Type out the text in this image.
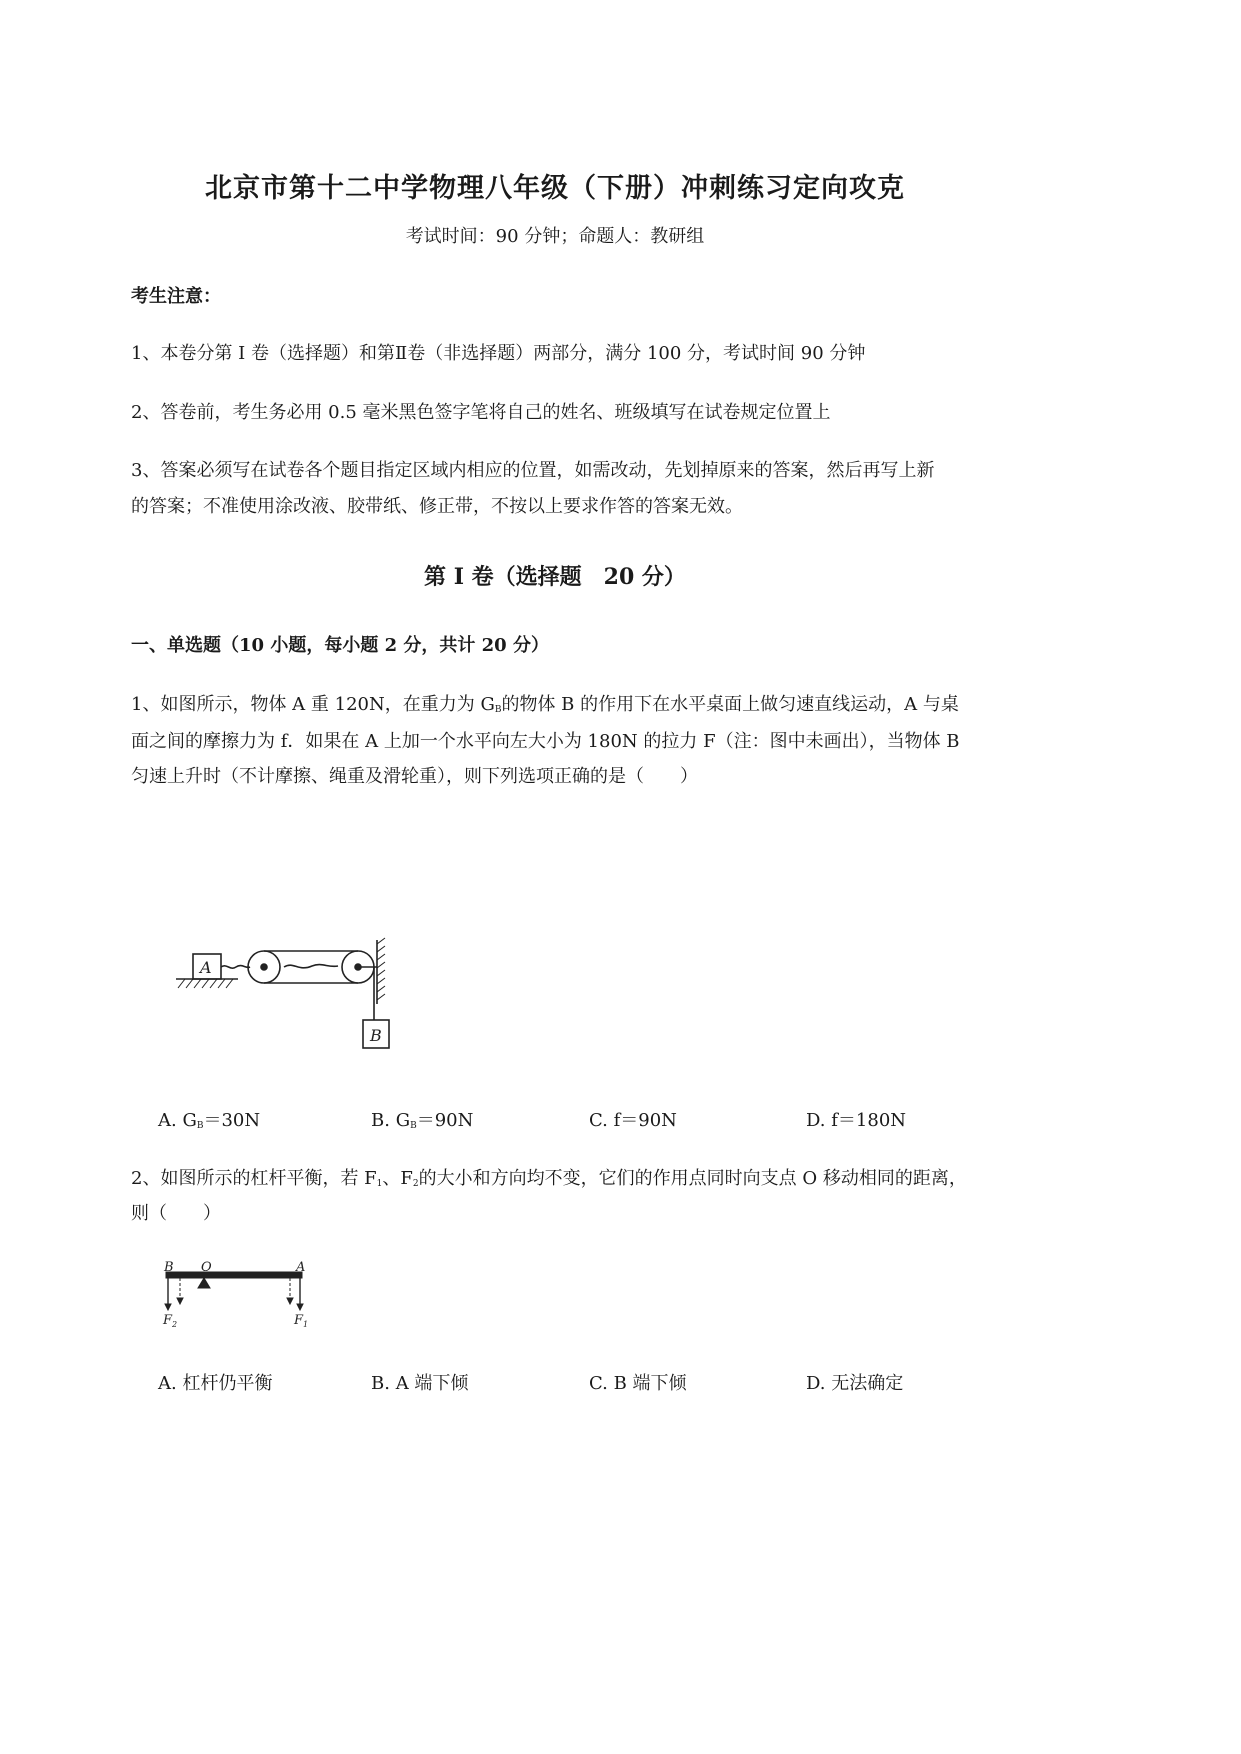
北京市第十二中学物理八年级（下册）冲刺练习定向攻克
考试时间：90 分钟；命题人：教研组
考生注意：
1、本卷分第 I 卷（选择题）和第Ⅱ卷（非选择题）两部分，满分 100 分，考试时间 90 分钟
2、答卷前，考生务必用 0.5 毫米黑色签字笔将自己的姓名、班级填写在试卷规定位置上
3、答案必须写在试卷各个题目指定区域内相应的位置，如需改动，先划掉原来的答案，然后再写上新
的答案；不准使用涂改液、胶带纸、修正带，不按以上要求作答的答案无效。
第 I 卷（选择题　20 分）
一、单选题（10 小题，每小题 2 分，共计 20 分）
1、如图所示，物体 A 重 120N，在重力为 $G_B$的物体 B 的作用下在水平桌面上做匀速直线运动，A 与桌
面之间的摩擦力为 f．如果在 A 上加一个水平向左大小为 180N 的拉力 F（注：图中未画出），当物体 B
匀速上升时（不计摩擦、绳重及滑轮重），则下列选项正确的是（　　）
A
B
A. $G_B=30N$	B. $G_B=90N$	C. f＝90N	D. f＝180N
2、如图所示的杠杆平衡，若 $F_1$、$F_2$的大小和方向均不变，它们的作用点同时向支点 O 移动相同的距离，
则（　　）
B O	A
$F_2$	$F_1$
A. 杠杆仍平衡	B. A 端下倾	C. B 端下倾	D. 无法确定
